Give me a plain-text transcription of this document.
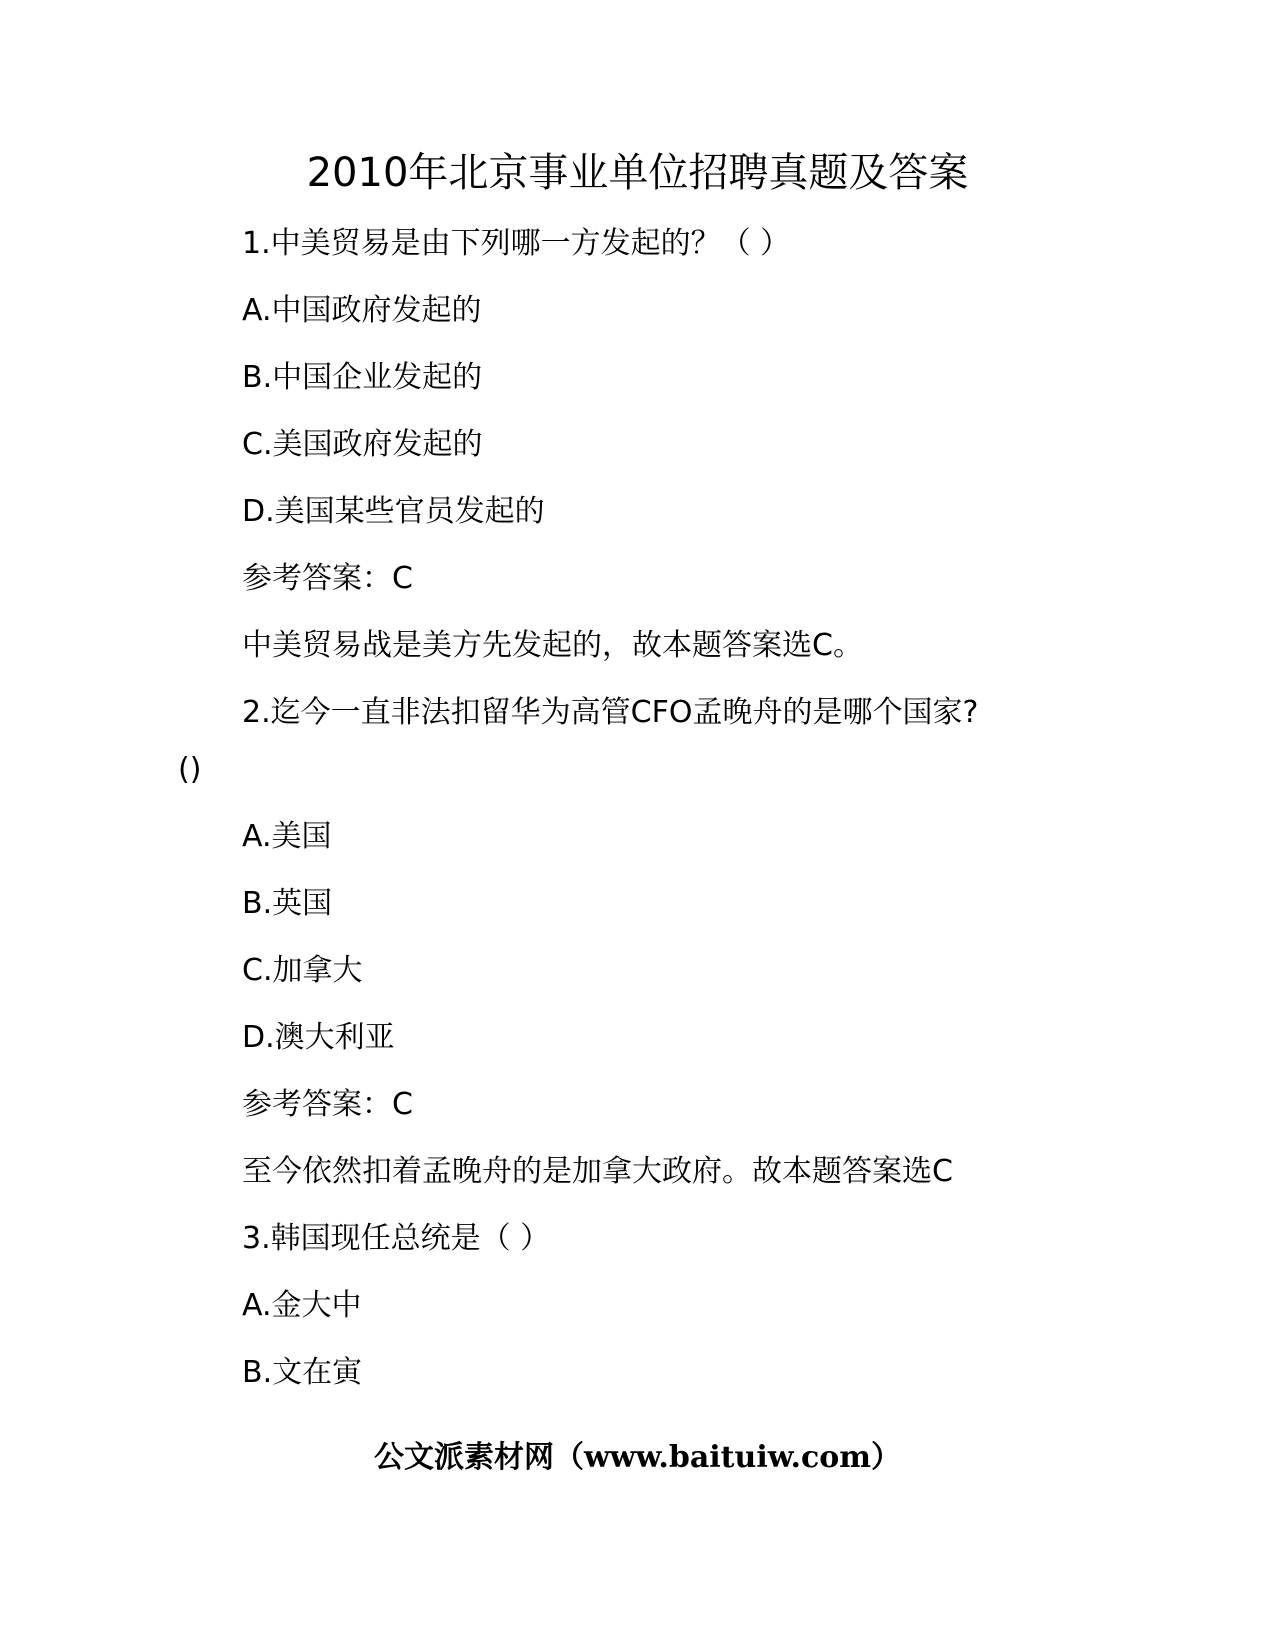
2010年北京事业单位招聘真题及答案
1.中美贸易是由下列哪一方发起的？（ ）
A.中国政府发起的
B.中国企业发起的
C.美国政府发起的
D.美国某些官员发起的
参考答案：C
中美贸易战是美方先发起的，故本题答案选C。
2.迄今一直非法扣留华为高管CFO孟晚舟的是哪个国家?
()
A.美国
B.英国
C.加拿大
D.澳大利亚
参考答案：C
至今依然扣着孟晚舟的是加拿大政府。故本题答案选C
3.韩国现任总统是（ ）
A.金大中
B.文在寅
公文派素材网（www.baituiw.com）
